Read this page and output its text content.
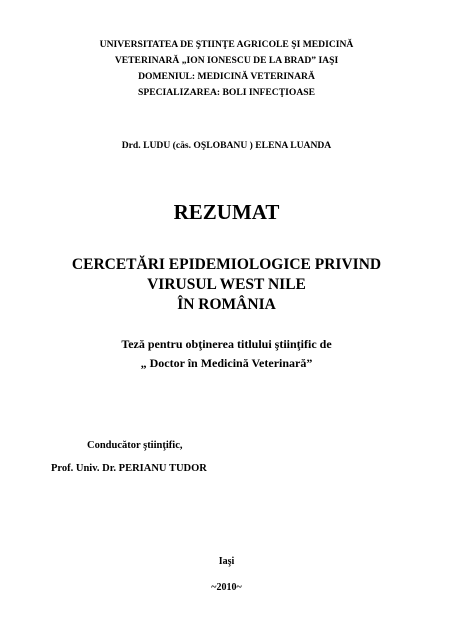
UNIVERSITATEA DE ŞTIINŢE AGRICOLE ŞI MEDICINĂ
VETERINARĂ „ION IONESCU DE LA BRAD” IAŞI
DOMENIUL: MEDICINĂ VETERINARĂ
SPECIALIZAREA: BOLI INFECŢIOASE
Drd. LUDU (căs. OŞLOBANU ) ELENA LUANDA
REZUMAT
CERCETĂRI EPIDEMIOLOGICE PRIVIND
VIRUSUL WEST NILE
ÎN ROMÂNIA
Teză pentru obţinerea titlului ştiinţific de
„ Doctor în Medicină Veterinară”
Conducător ştiinţific,
Prof. Univ. Dr. PERIANU TUDOR
Iaşi
~2010~
